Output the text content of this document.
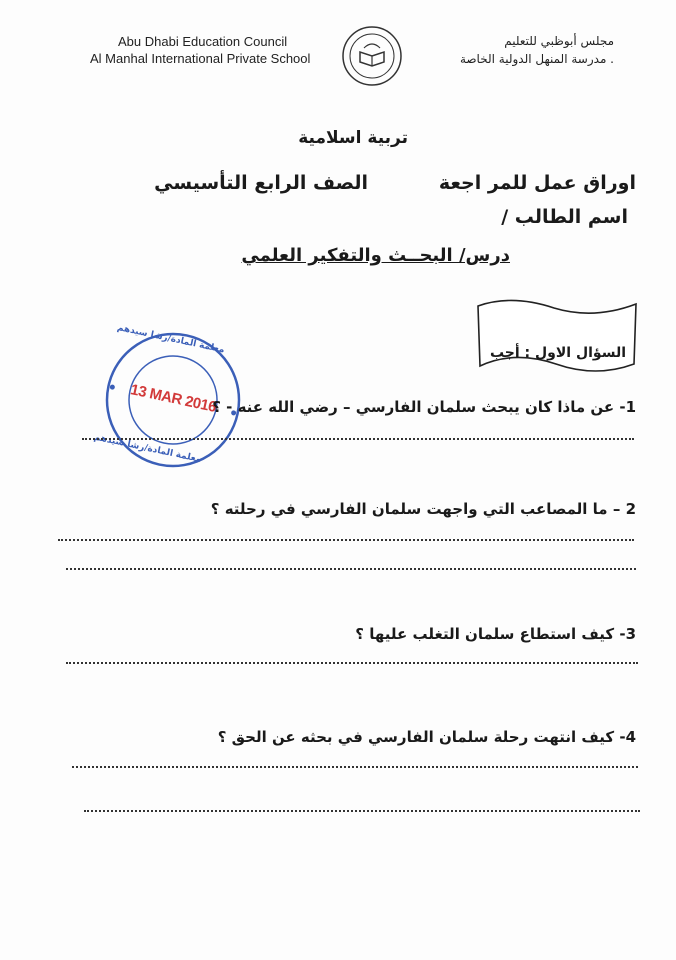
Abu Dhabi Education Council
Al Manhal International Private School
مجلس أبوظبي للتعليم
. مدرسة المنهل الدولية الخاصة
تربية اسلامية
اوراق عمل للمر اجعة
الصف الرابع التأسيسي
اسم الطالب /
درس/ البحــث والتفكير العلمي
السؤال الاول : أجب
13 MAR 2016
معلمة المادة/رشا سيدهم
معلمة المادة/رشا سيدهم
1- عن ماذا كان يبحث سلمان الفارسي – رضي الله عنه - ؟
2 – ما المصاعب التي واجهت سلمان الفارسي في رحلته ؟
3- كيف استطاع سلمان التغلب عليها ؟
4- كيف انتهت رحلة سلمان الفارسي في بحثه عن الحق ؟
